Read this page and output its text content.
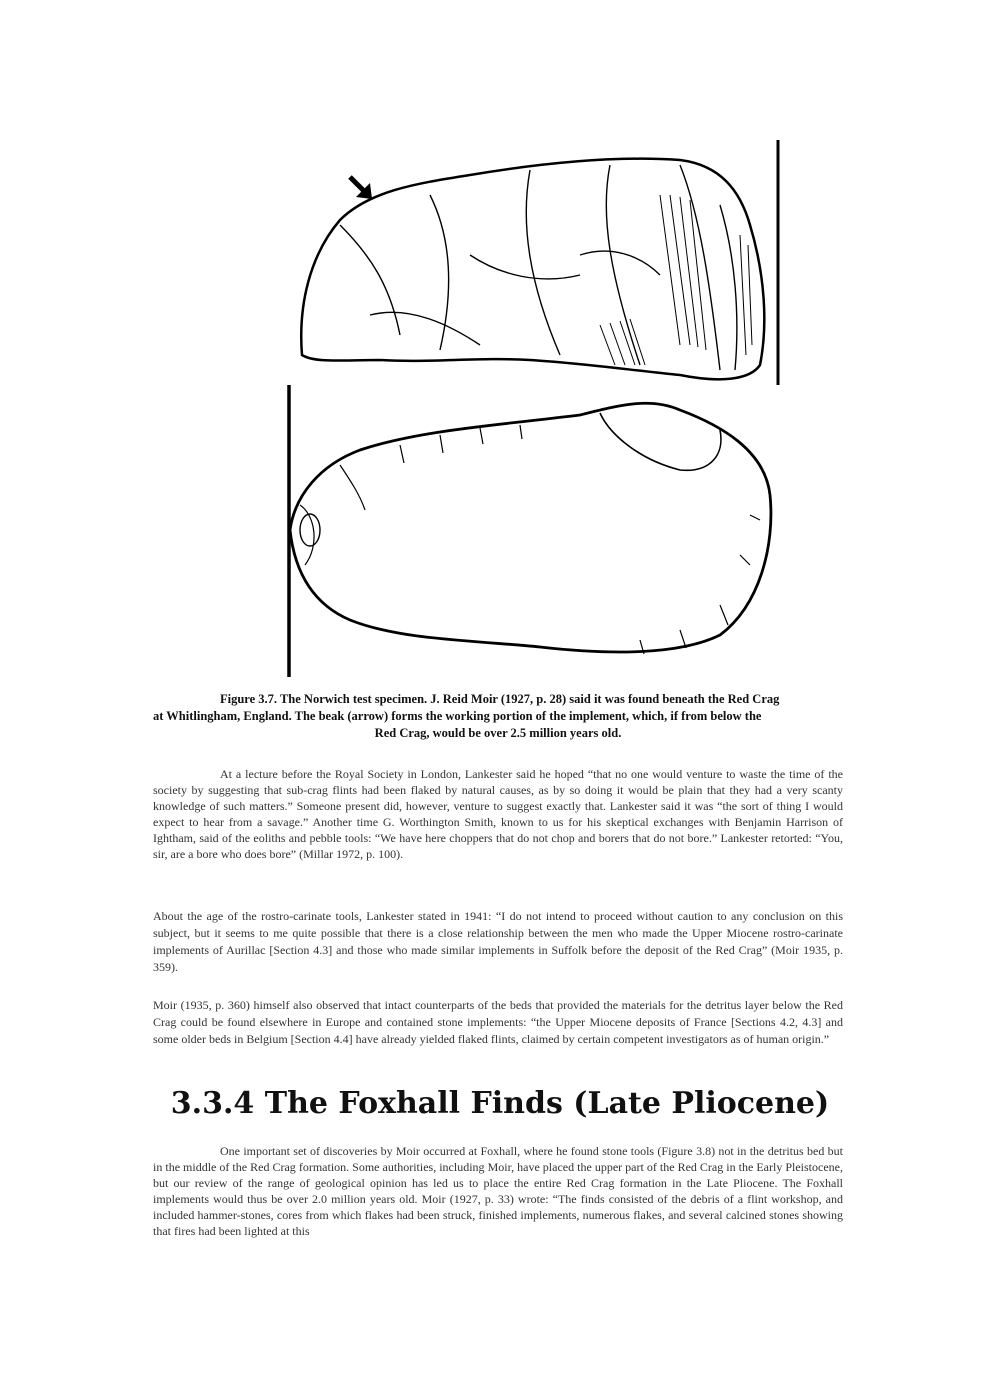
Figure 3.7. The Norwich test specimen. J. Reid Moir (1927, p. 28) said it was found beneath the Red Crag
at Whitlingham, England. The beak (arrow) forms the working portion of the implement, which, if from below the
Red Crag, would be over 2.5 million years old.

At a lecture before the Royal Society in London, Lankester said he hoped “that no one would venture to waste the time of the society by suggesting that sub-crag flints had been flaked by natural causes, as by so doing it would be plain that they had a very scanty knowledge of such matters.” Someone present did, however, venture to suggest exactly that. Lankester said it was “the sort of thing I would expect to hear from a savage.” Another time G. Worthington Smith, known to us for his skeptical exchanges with Benjamin Harrison of Ightham, said of the eoliths and pebble tools: “We have here choppers that do not chop and borers that do not bore.” Lankester retorted: “You, sir, are a bore who does bore” (Millar 1972, p. 100).

About the age of the rostro-carinate tools, Lankester stated in 1941: “I do not intend to proceed without caution to any conclusion on this subject, but it seems to me quite possible that there is a close relationship between the men who made the Upper Miocene rostro-carinate implements of Aurillac [Section 4.3] and those who made similar implements in Suffolk before the deposit of the Red Crag” (Moir 1935, p. 359).

Moir (1935, p. 360) himself also observed that intact counterparts of the beds that provided the materials for the detritus layer below the Red Crag could be found elsewhere in Europe and contained stone implements: “the Upper Miocene deposits of France [Sections 4.2, 4.3] and some older beds in Belgium [Section 4.4] have already yielded flaked flints, claimed by certain competent investigators as of human origin.”

3.3.4 The Foxhall Finds (Late Pliocene)

One important set of discoveries by Moir occurred at Foxhall, where he found stone tools (Figure 3.8) not in the detritus bed but in the middle of the Red Crag formation. Some authorities, including Moir, have placed the upper part of the Red Crag in the Early Pleistocene, but our review of the range of geological opinion has led us to place the entire Red Crag formation in the Late Pliocene. The Foxhall implements would thus be over 2.0 million years old. Moir (1927, p. 33) wrote: “The finds consisted of the debris of a flint workshop, and included hammer-stones, cores from which flakes had been struck, finished implements, numerous flakes, and several calcined stones showing that fires had been lighted at this
